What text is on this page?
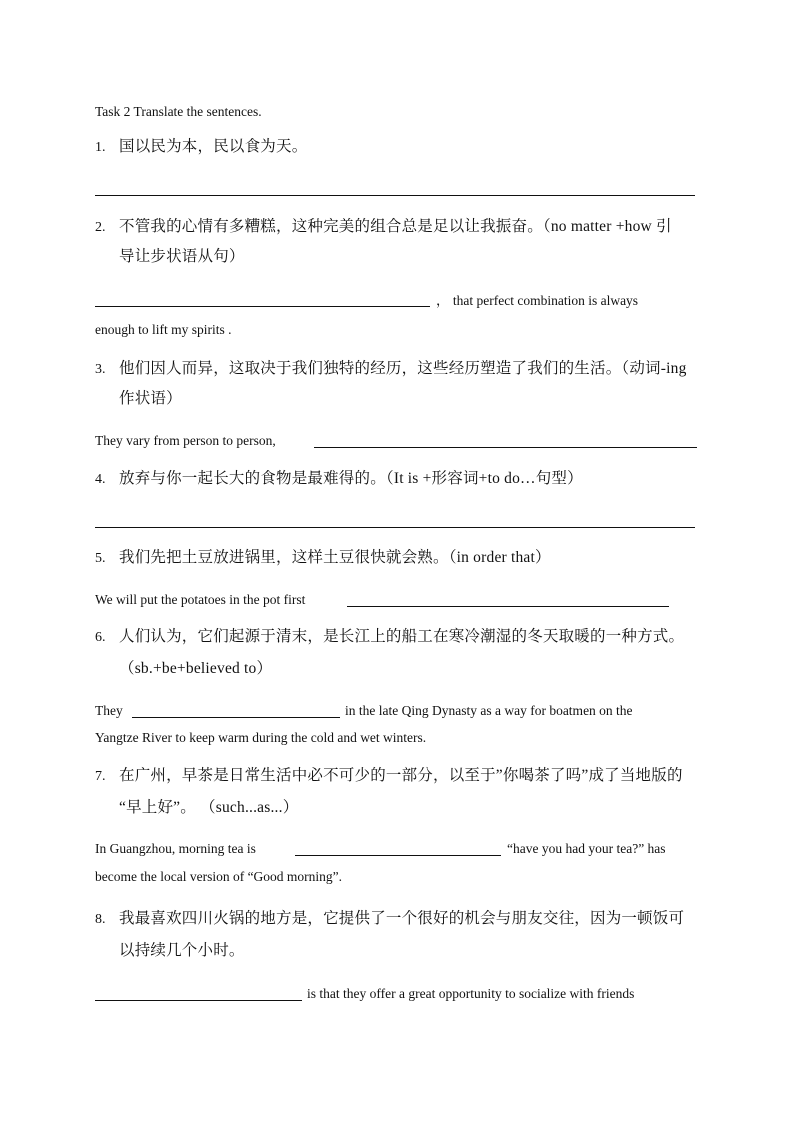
Task 2 Translate the sentences.
1. 国以民为本，民以食为天。
2. 不管我的心情有多糟糕，这种完美的组合总是足以让我振奋。（no matter +how 引
导让步状语从句）
， that perfect combination is always
enough to lift my spirits .
3. 他们因人而异，这取决于我们独特的经历，这些经历塑造了我们的生活。（动词-ing
作状语）
They vary from person to person,
4. 放弃与你一起长大的食物是最难得的。（It is +形容词+to do…句型）
5. 我们先把土豆放进锅里，这样土豆很快就会熟。（in order that）
We will put the potatoes in the pot first
6. 人们认为，它们起源于清末，是长江上的船工在寒冷潮湿的冬天取暖的一种方式。
（sb.+be+believed to）
They	in the late Qing Dynasty as a way for boatmen on the
Yangtze River to keep warm during the cold and wet winters.
7. 在广州，早茶是日常生活中必不可少的一部分，以至于”你喝茶了吗”成了当地版的
“早上好”。 （such...as...）
In Guangzhou, morning tea is	“have you had your tea?” has
become the local version of “Good morning”.
8. 我最喜欢四川火锅的地方是，它提供了一个很好的机会与朋友交往，因为一顿饭可
以持续几个小时。
is that they offer a great opportunity to socialize with friends
